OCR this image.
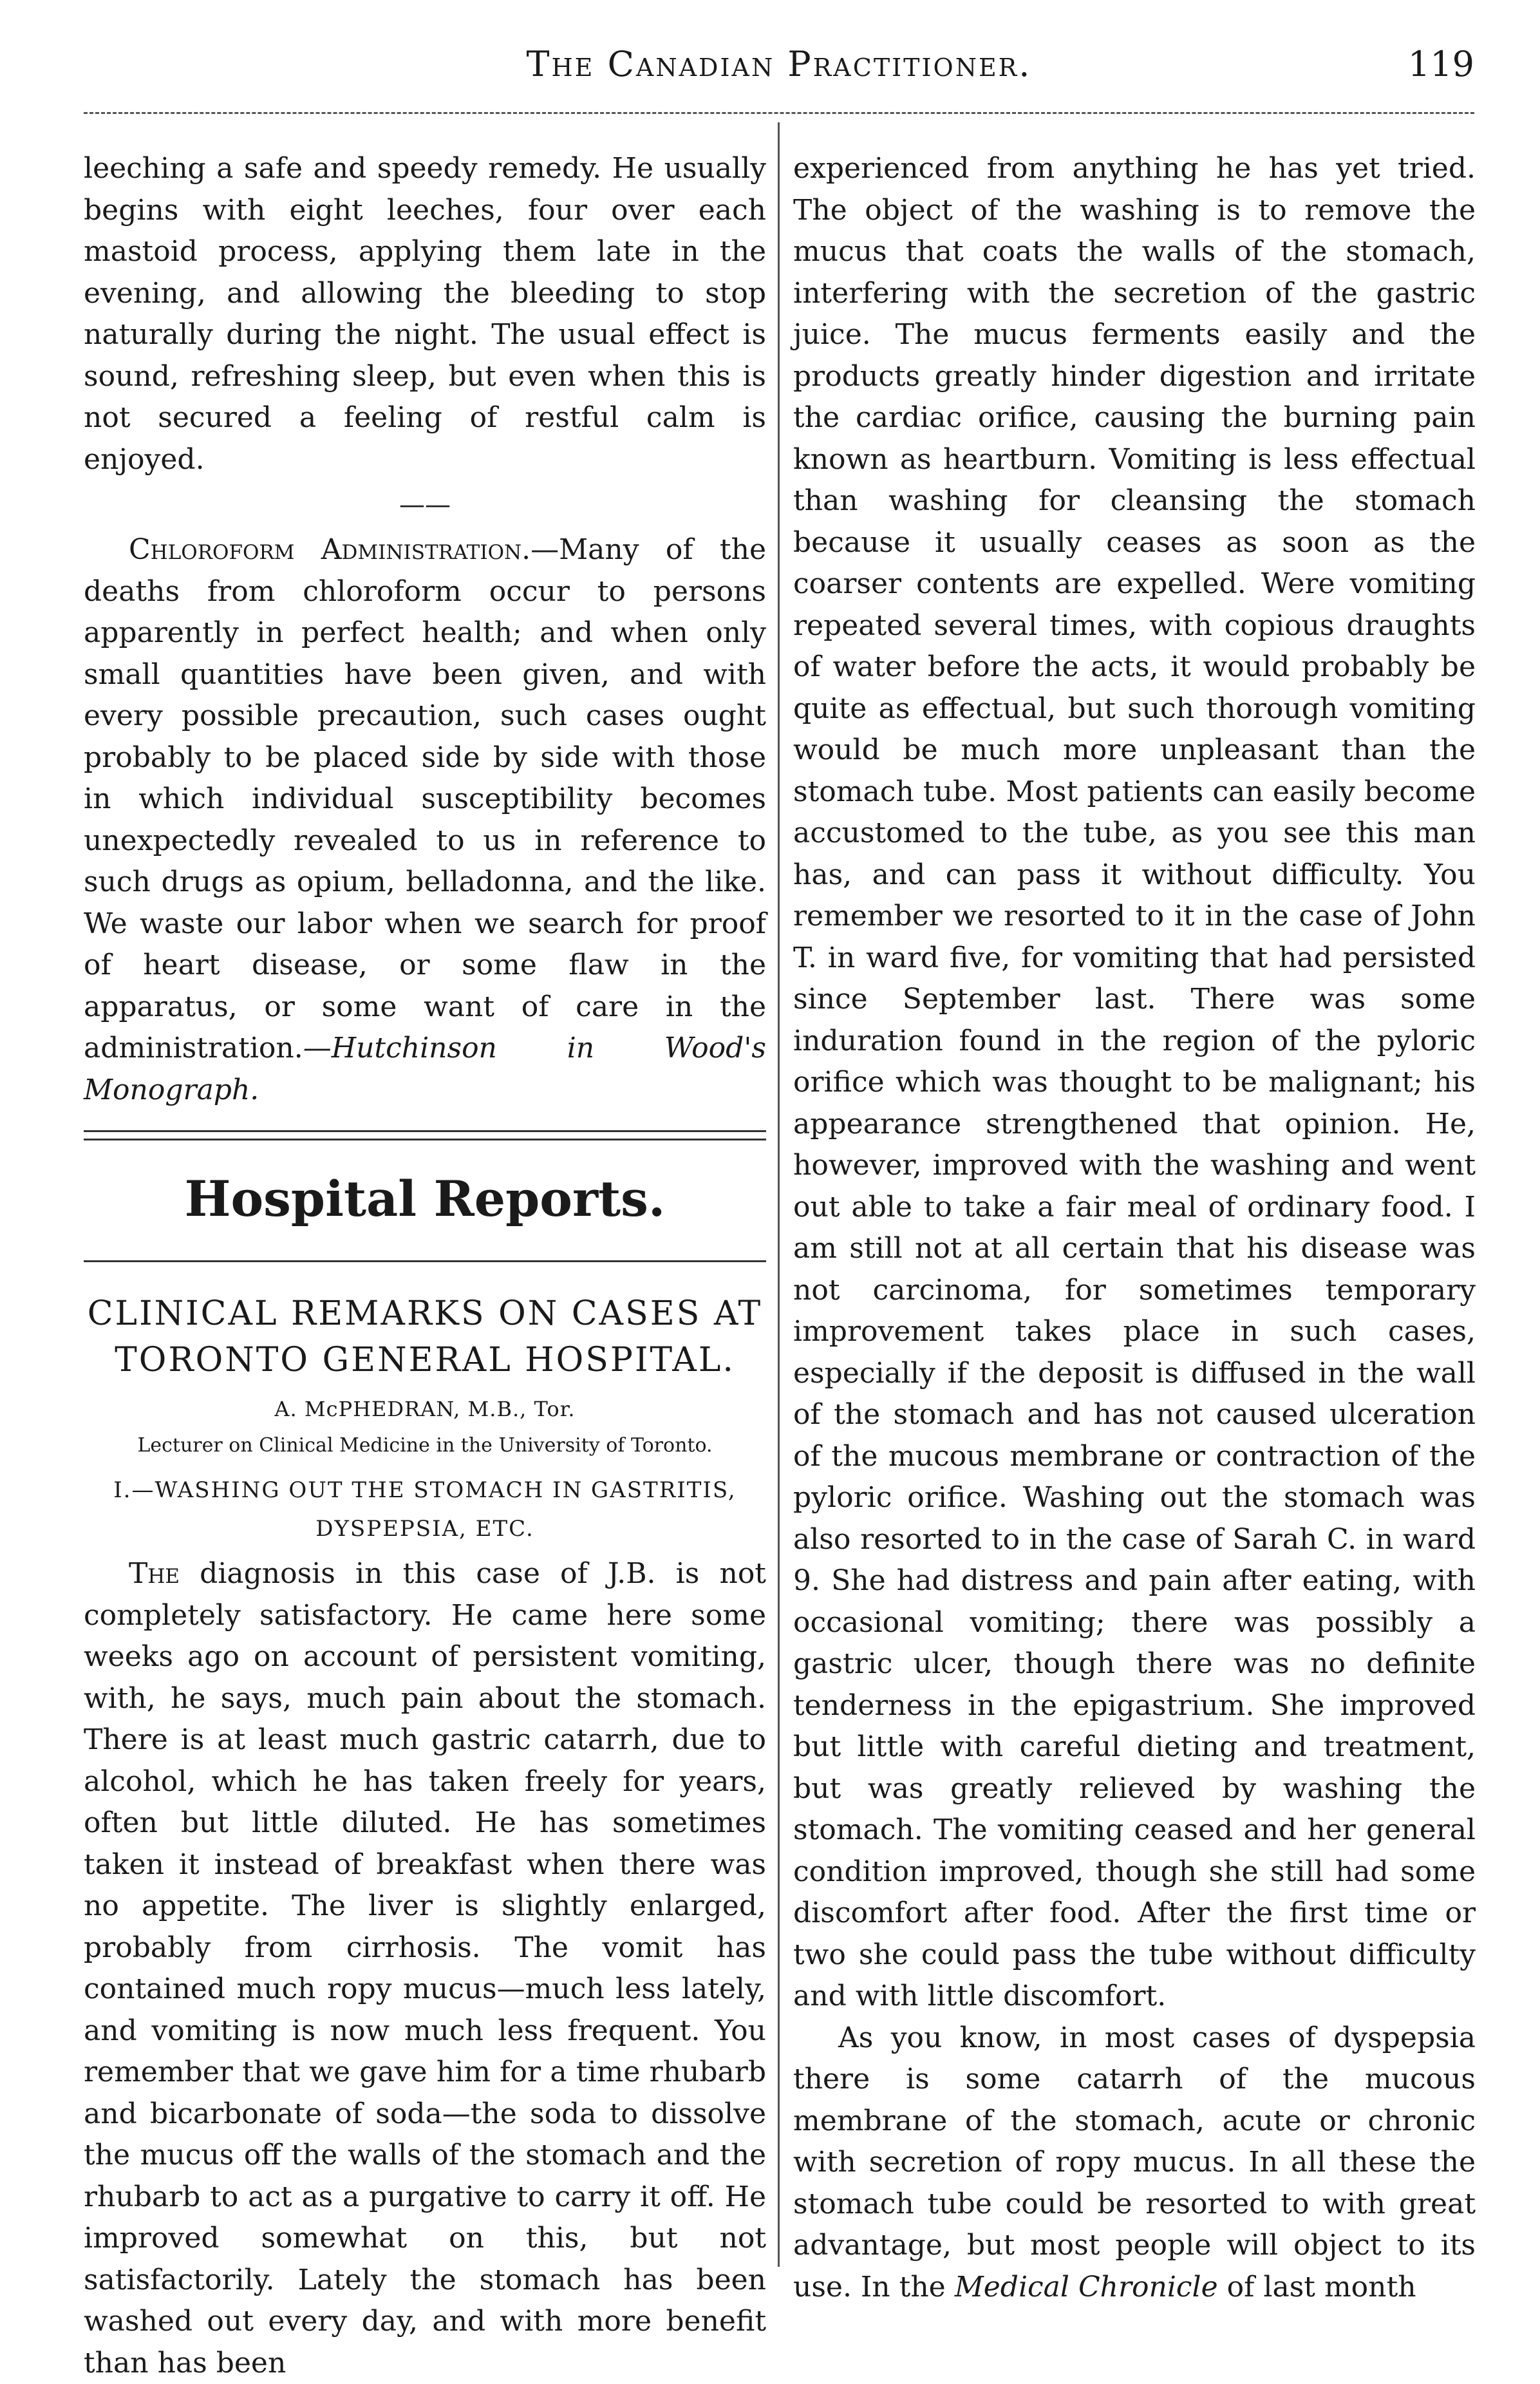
The Canadian Practitioner.	119

leeching a safe and speedy remedy. He usually begins with eight leeches, four over each mastoid process, applying them late in the evening, and allowing the bleeding to stop naturally during the night. The usual effect is sound, refreshing sleep, but even when this is not secured a feeling of restful calm is enjoyed.

——

Chloroform Administration.—Many of the deaths from chloroform occur to persons apparently in perfect health; and when only small quantities have been given, and with every possible precaution, such cases ought probably to be placed side by side with those in which individual susceptibility becomes unexpectedly revealed to us in reference to such drugs as opium, belladonna, and the like. We waste our labor when we search for proof of heart disease, or some flaw in the apparatus, or some want of care in the administration.—Hutchinson in Wood's Monograph.

Hospital Reports.
CLINICAL REMARKS ON CASES AT TORONTO GENERAL HOSPITAL.
A. McPHEDRAN, M.B., Tor.
Lecturer on Clinical Medicine in the University of Toronto.
I.—WASHING OUT THE STOMACH IN GASTRITIS, DYSPEPSIA, ETC.

The diagnosis in this case of J.B. is not completely satisfactory. He came here some weeks ago on account of persistent vomiting, with, he says, much pain about the stomach. There is at least much gastric catarrh, due to alcohol, which he has taken freely for years, often but little diluted. He has sometimes taken it instead of breakfast when there was no appetite. The liver is slightly enlarged, probably from cirrhosis. The vomit has contained much ropy mucus—much less lately, and vomiting is now much less frequent. You remember that we gave him for a time rhubarb and bicarbonate of soda—the soda to dissolve the mucus off the walls of the stomach and the rhubarb to act as a purgative to carry it off. He improved somewhat on this, but not satisfactorily. Lately the stomach has been washed out every day, and with more benefit than has been

experienced from anything he has yet tried. The object of the washing is to remove the mucus that coats the walls of the stomach, interfering with the secretion of the gastric juice. The mucus ferments easily and the products greatly hinder digestion and irritate the cardiac orifice, causing the burning pain known as heartburn. Vomiting is less effectual than washing for cleansing the stomach because it usually ceases as soon as the coarser contents are expelled. Were vomiting repeated several times, with copious draughts of water before the acts, it would probably be quite as effectual, but such thorough vomiting would be much more unpleasant than the stomach tube. Most patients can easily become accustomed to the tube, as you see this man has, and can pass it without difficulty. You remember we resorted to it in the case of John T. in ward five, for vomiting that had persisted since September last. There was some induration found in the region of the pyloric orifice which was thought to be malignant; his appearance strengthened that opinion. He, however, improved with the washing and went out able to take a fair meal of ordinary food. I am still not at all certain that his disease was not carcinoma, for sometimes temporary improvement takes place in such cases, especially if the deposit is diffused in the wall of the stomach and has not caused ulceration of the mucous membrane or contraction of the pyloric orifice. Washing out the stomach was also resorted to in the case of Sarah C. in ward 9. She had distress and pain after eating, with occasional vomiting; there was possibly a gastric ulcer, though there was no definite tenderness in the epigastrium. She improved but little with careful dieting and treatment, but was greatly relieved by washing the stomach. The vomiting ceased and her general condition improved, though she still had some discomfort after food. After the first time or two she could pass the tube without difficulty and with little discomfort.

As you know, in most cases of dyspepsia there is some catarrh of the mucous membrane of the stomach, acute or chronic with secretion of ropy mucus. In all these the stomach tube could be resorted to with great advantage, but most people will object to its use. In the Medical Chronicle of last month
